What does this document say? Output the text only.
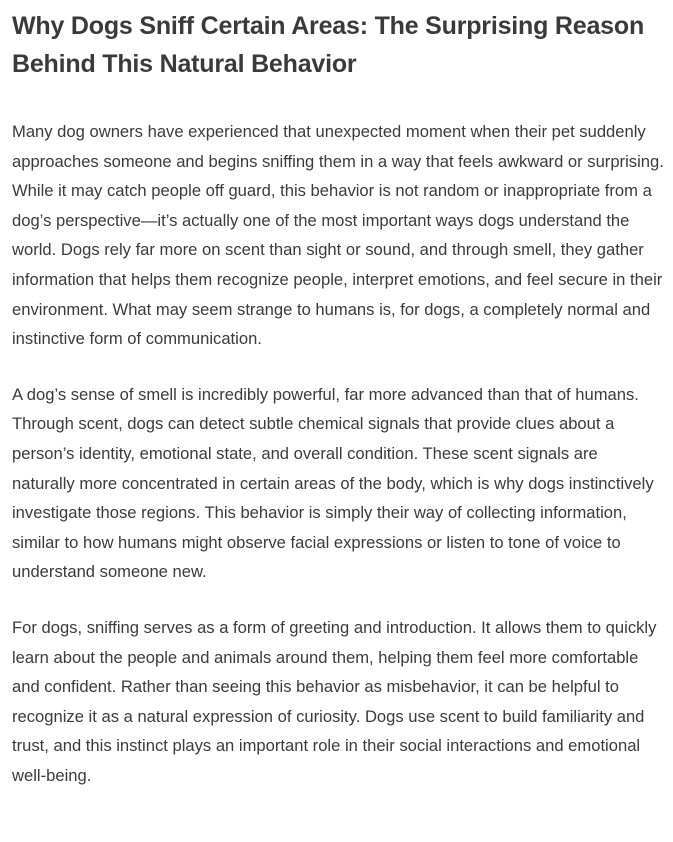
Why Dogs Sniff Certain Areas: The Surprising Reason Behind This Natural Behavior

Many dog owners have experienced that unexpected moment when their pet suddenly approaches someone and begins sniffing them in a way that feels awkward or surprising. While it may catch people off guard, this behavior is not random or inappropriate from a dog’s perspective—it’s actually one of the most important ways dogs understand the world. Dogs rely far more on scent than sight or sound, and through smell, they gather information that helps them recognize people, interpret emotions, and feel secure in their environment. What may seem strange to humans is, for dogs, a completely normal and instinctive form of communication.

A dog’s sense of smell is incredibly powerful, far more advanced than that of humans. Through scent, dogs can detect subtle chemical signals that provide clues about a person’s identity, emotional state, and overall condition. These scent signals are naturally more concentrated in certain areas of the body, which is why dogs instinctively investigate those regions. This behavior is simply their way of collecting information, similar to how humans might observe facial expressions or listen to tone of voice to understand someone new.

For dogs, sniffing serves as a form of greeting and introduction. It allows them to quickly learn about the people and animals around them, helping them feel more comfortable and confident. Rather than seeing this behavior as misbehavior, it can be helpful to recognize it as a natural expression of curiosity. Dogs use scent to build familiarity and trust, and this instinct plays an important role in their social interactions and emotional well-being.
